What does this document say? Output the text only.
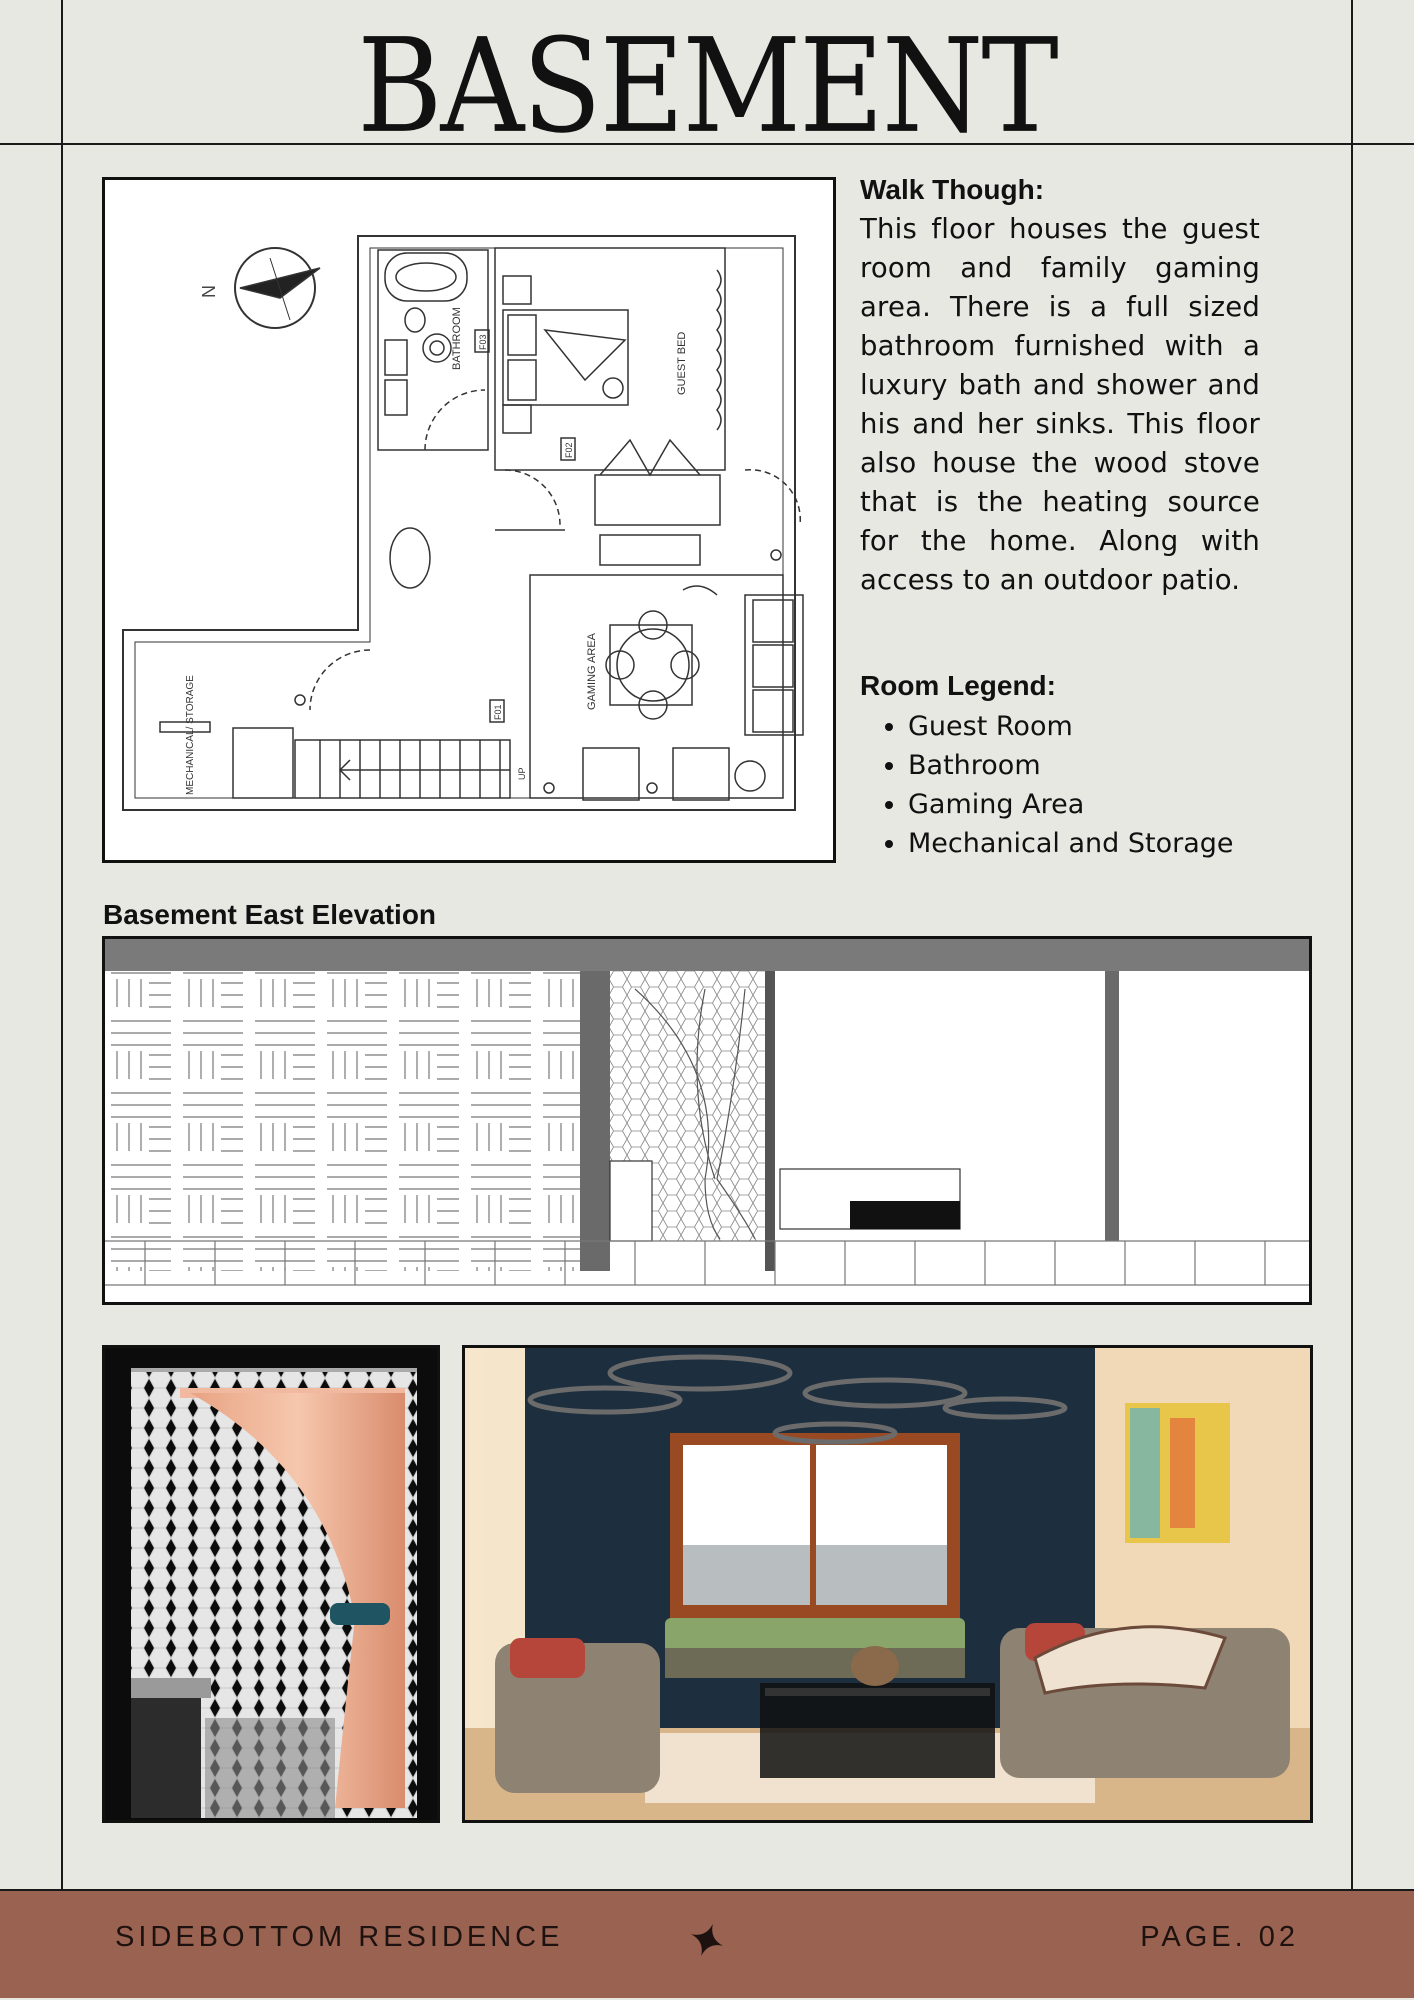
BASEMENT
BATHROOM F03	GUEST BED
F02
GAMING AREA
F01
UP
MECHANICAL/ STORAGE
N
Walk Though:
This floor houses the guest room and family gaming area. There is a full sized bathroom furnished with a luxury bath and shower and his and her sinks. This floor also house the wood stove that is the heating source for the home. Along with access to an outdoor patio.
Room Legend:
• Guest Room
• Bathroom
• Gaming Area
• Mechanical and Storage
Basement East Elevation
SIDEBOTTOM RESIDENCE	PAGE. 02
